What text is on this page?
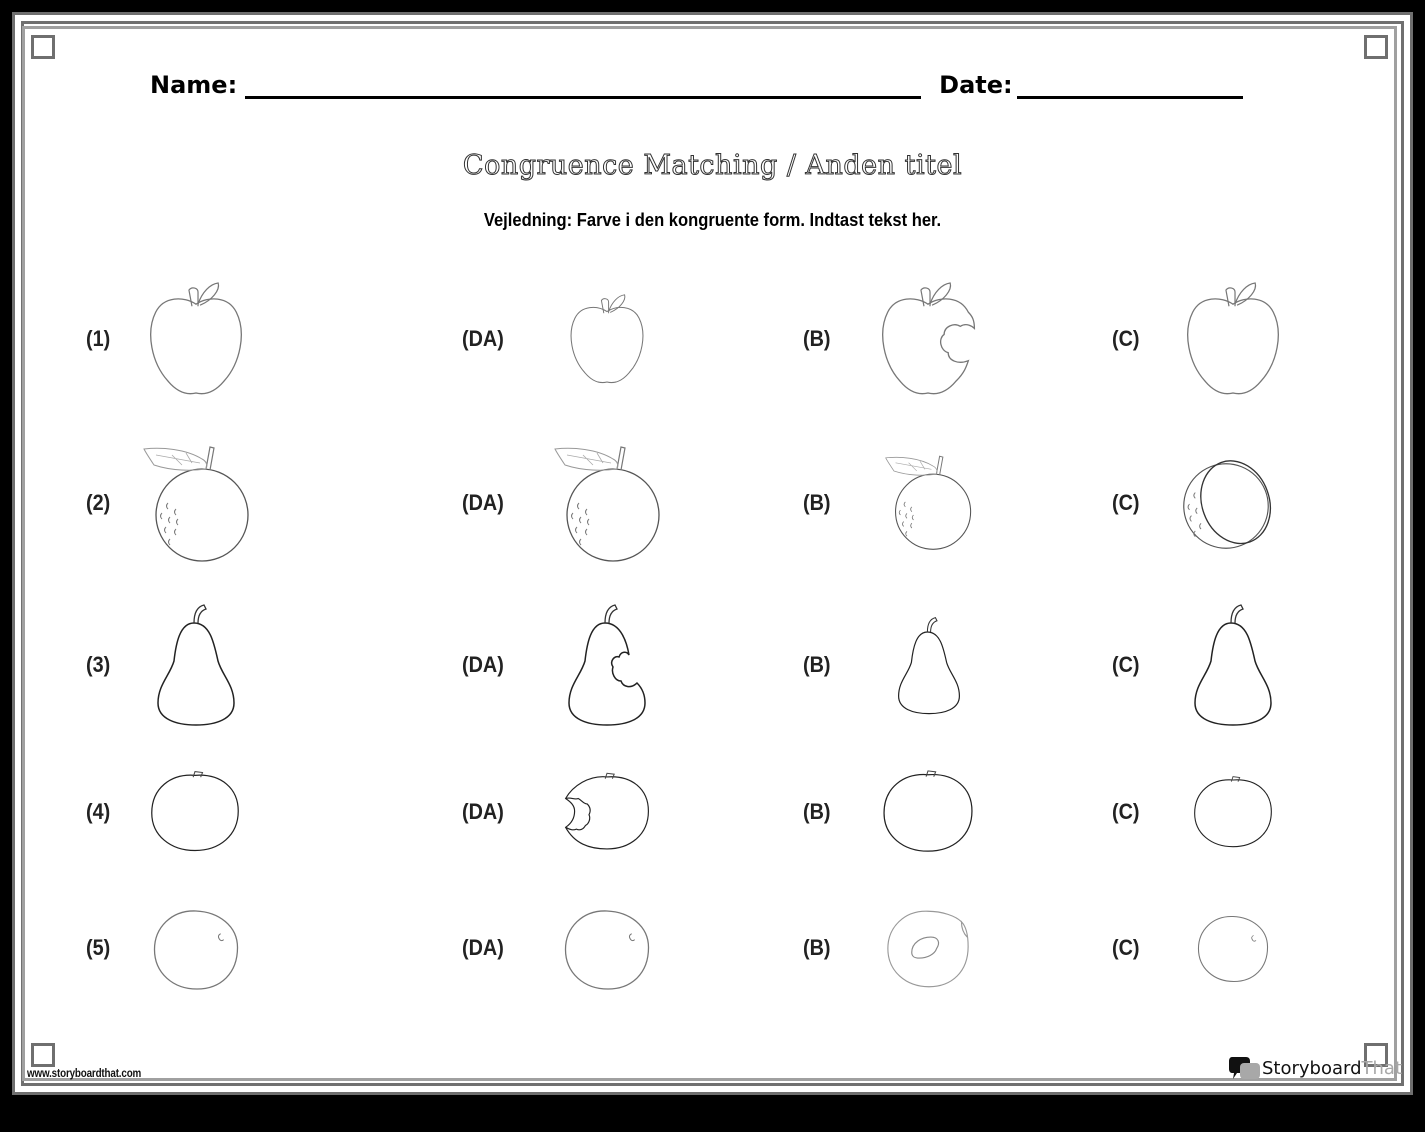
Name:	Date:
Congruence Matching / Anden titel
Vejledning: Farve i den kongruente form. Indtast tekst her.
(1)	(DA)	(B)	(C)
(2)	(DA)	(B)	(C)
(3)	(DA)	(B)	(C)
(4)	(DA)	(B)	(C)
(5)	(DA)	(B)	(C)
www.storyboardthat.com	Storyboard That
